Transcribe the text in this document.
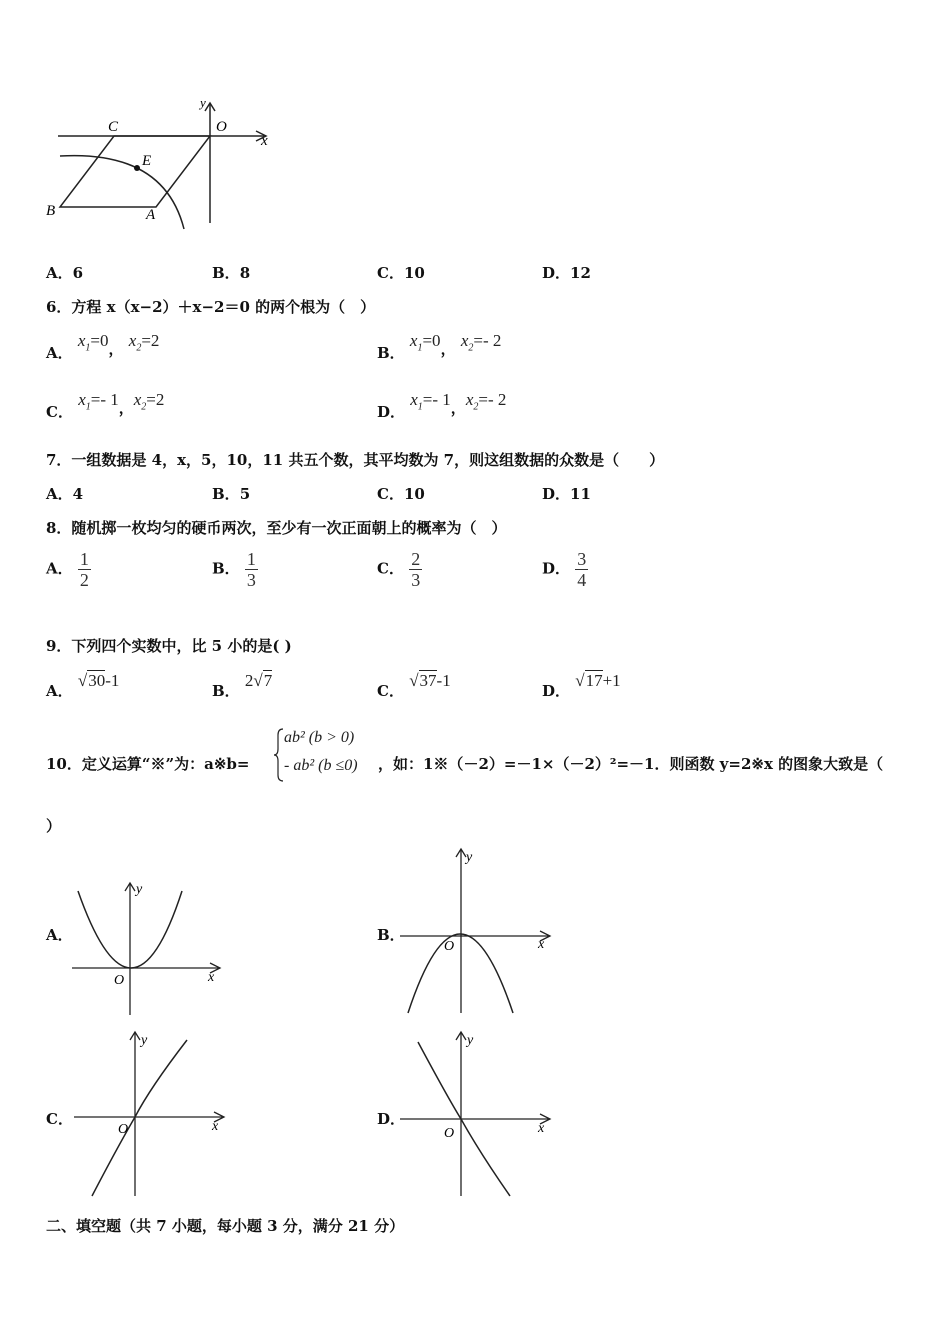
C	O
y
x
E
B	A
A．6	B．8	C．10	D．12
6．方程 x（x−2）＋x−2＝0 的两个根为（　）
A． $x_1=0$， $x_2=2$
B． $x_1=0$， $x_2=-$ 2
C． $x_1=-$ 1，$x_2=2$
D． $x_1=-$ 1，$x_2=-$ 2
7．一组数据是 4，x，5，10，11 共五个数，其平均数为 7，则这组数据的众数是（　　）
A．4	B．5	C．10	D．11
8．随机掷一枚均匀的硬币两次，至少有一次正面朝上的概率为（　）
A． $\frac{1}{2}$	B． $\frac{1}{3}$	C． $\frac{2}{3}$	D． $\frac{3}{4}$
9．下列四个实数中，比 5 小的是( )
A． √30-1
B． 2√7
C． √37-1
D． √17+1
10．定义运算“※”为：a※b=
ab² (b > 0)
- ab² (b ≤0) ，如：1※（－2）=－1×（－2）²=－1．则函数 y=2※x 的图象大致是（
）
A．
O	x
y
B．
O	x
y
C．
O	x
y
D．
O	x
y
二、填空题（共 7 小题，每小题 3 分，满分 21 分）
